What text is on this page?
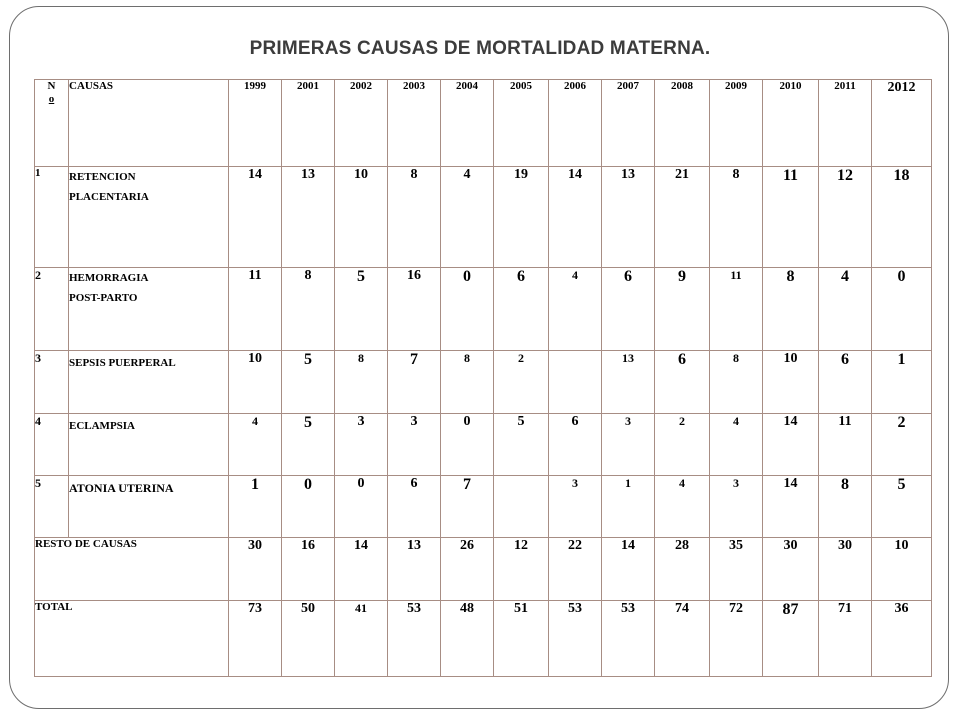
PRIMERAS CAUSAS DE MORTALIDAD MATERNA.
N
o	CAUSAS	1999	2001	2002	2003	2004	2005	2006	2007	2008	2009	2010	2011	2012
1	RETENCION
PLACENTARIA	14	13	10	8	4	19	14	13	21	8	11	12	18
2	HEMORRAGIA
POST-PARTO	11	8	5	16	0	6	4	6	9	11	8	4	0
3	SEPSIS PUERPERAL	10	5	8	7	8	2		13	6	8	10	6	1
4	ECLAMPSIA	4	5	3	3	0	5	6	3	2	4	14	11	2
5	ATONIA UTERINA	1	0	0	6	7		3	1	4	3	14	8	5
RESTO DE CAUSAS		30	16	14	13	26	12	22	14	28	35	30	30	10
TOTAL		73	50	41	53	48	51	53	53	74	72	87	71	36
